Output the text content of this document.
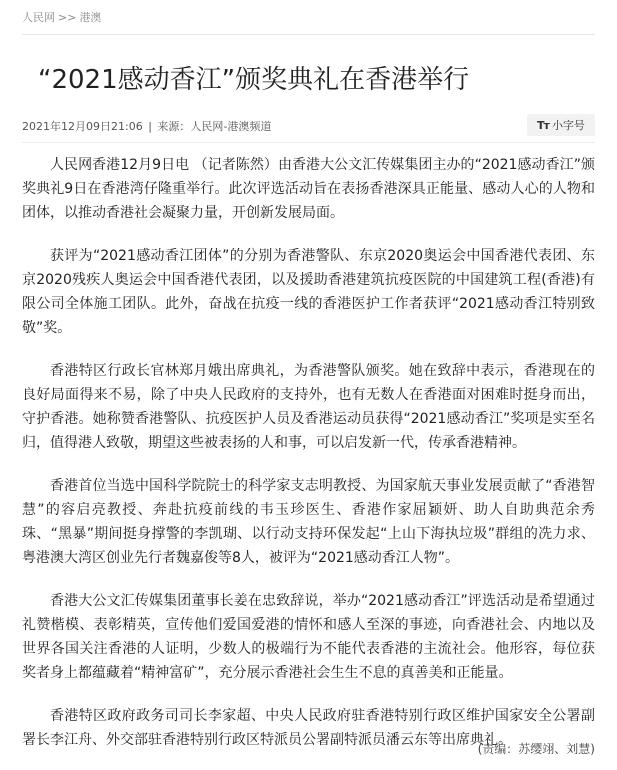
人民网 >> 港澳
“2021感动香江”颁奖典礼在香港举行
2021年12月09日21:06 | 来源：人民网-港澳频道	Tт 小字号

人民网香港12月9日电 （记者陈然）由香港大公文汇传媒集团主办的“2021感动香江”颁奖典礼9日在香港湾仔隆重举行。此次评选活动旨在表扬香港深具正能量、感动人心的人物和团体，以推动香港社会凝聚力量，开创新发展局面。

获评为“2021感动香江团体”的分别为香港警队、东京2020奥运会中国香港代表团、东京2020残疾人奥运会中国香港代表团，以及援助香港建筑抗疫医院的中国建筑工程(香港)有限公司全体施工团队。此外，奋战在抗疫一线的香港医护工作者获评“2021感动香江特别致敬”奖。

香港特区行政长官林郑月娥出席典礼，为香港警队颁奖。她在致辞中表示，香港现在的良好局面得来不易，除了中央人民政府的支持外，也有无数人在香港面对困难时挺身而出，守护香港。她称赞香港警队、抗疫医护人员及香港运动员获得“2021感动香江”奖项是实至名归，值得港人致敬，期望这些被表扬的人和事，可以启发新一代，传承香港精神。

香港首位当选中国科学院院士的科学家支志明教授、为国家航天事业发展贡献了“香港智慧”的容启亮教授、奔赴抗疫前线的韦玉珍医生、香港作家屈颖妍、助人自助典范余秀珠、“黑暴”期间挺身撑警的李凯瑚、以行动支持环保发起“上山下海执垃圾”群组的冼力求、粤港澳大湾区创业先行者魏嘉俊等8人，被评为“2021感动香江人物”。

香港大公文汇传媒集团董事长姜在忠致辞说，举办“2021感动香江”评选活动是希望通过礼赞楷模、表彰精英，宣传他们爱国爱港的情怀和感人至深的事迹，向香港社会、内地以及世界各国关注香港的人证明，少数人的极端行为不能代表香港的主流社会。他形容，每位获奖者身上都蕴藏着“精神富矿”，充分展示香港社会生生不息的真善美和正能量。

香港特区政府政务司司长李家超、中央人民政府驻香港特别行政区维护国家安全公署副署长李江舟、外交部驻香港特别行政区特派员公署副特派员潘云东等出席典礼。

(责编：苏缨翊、刘慧)
